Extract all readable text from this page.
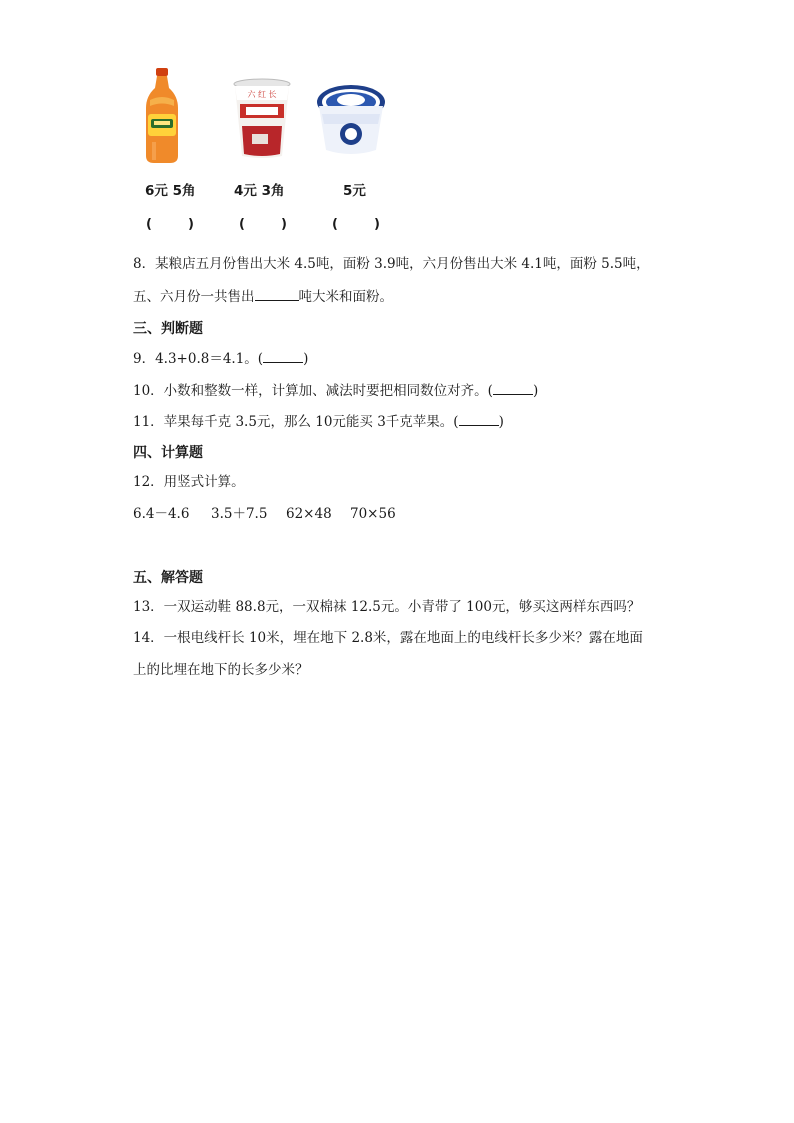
六 红 长
6元 5角	4元 3角	5元
(	)	(	)	(	)
8．某粮店五月份售出大米 4.5吨，面粉 3.9吨，六月份售出大米 4.1吨，面粉 5.5吨，
五、六月份一共售出	吨大米和面粉。
三、判断题
9．4.3+0.8＝4.1。(	)
10．小数和整数一样，计算加、减法时要把相同数位对齐。(	)
11．苹果每千克 3.5元，那么 10元能买 3千克苹果。(	)
四、计算题
12．用竖式计算。
6.4－4.6 3.5＋7.5 62×48 70×56
五、解答题
13．一双运动鞋 88.8元，一双棉袜 12.5元。小青带了 100元，够买这两样东西吗？
14．一根电线杆长 10米，埋在地下 2.8米，露在地面上的电线杆长多少米？露在地面
上的比埋在地下的长多少米？
